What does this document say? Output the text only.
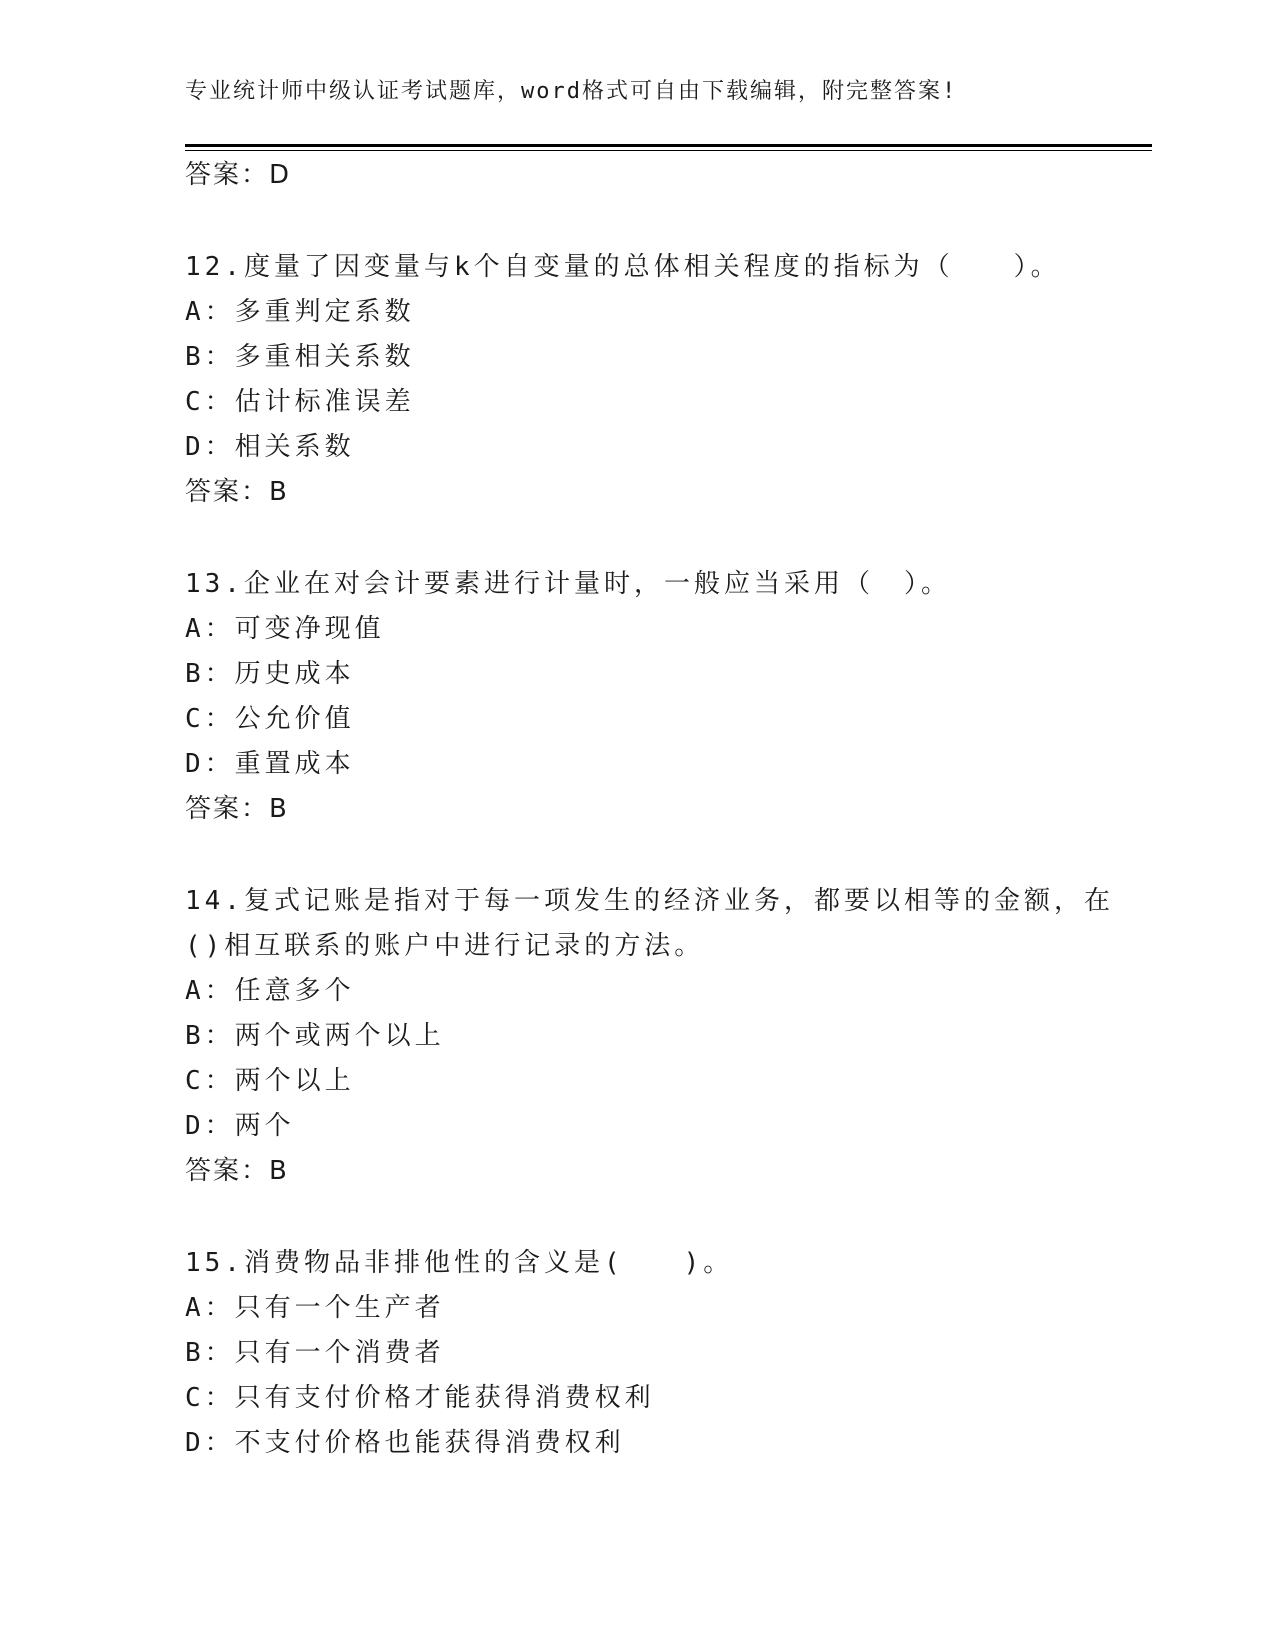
专业统计师中级认证考试题库，word格式可自由下载编辑，附完整答案!
答案：D
12.度量了因变量与k个自变量的总体相关程度的指标为（　　）。
A：多重判定系数
B：多重相关系数
C：估计标准误差
D：相关系数
答案：B
13.企业在对会计要素进行计量时，一般应当采用（　）。
A：可变净现值
B：历史成本
C：公允价值
D：重置成本
答案：B
14.复式记账是指对于每一项发生的经济业务，都要以相等的金额，在
()相互联系的账户中进行记录的方法。
A：任意多个
B：两个或两个以上
C：两个以上
D：两个
答案：B
15.消费物品非排他性的含义是(　　)。
A：只有一个生产者
B：只有一个消费者
C：只有支付价格才能获得消费权利
D：不支付价格也能获得消费权利
